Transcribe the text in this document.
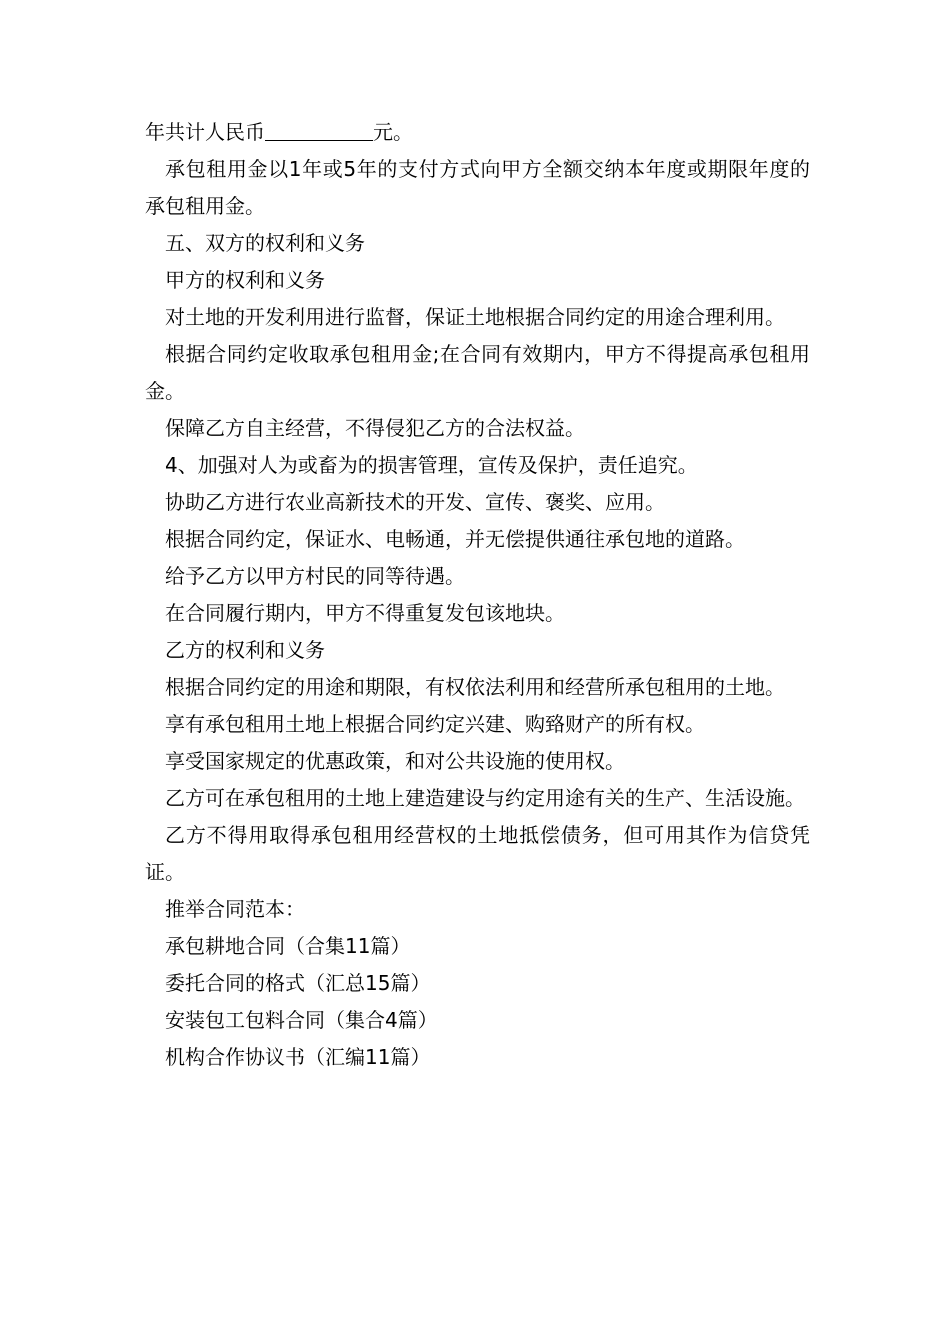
年共计人民币	元。

承包租用金以1年或5年的支付方式向甲方全额交纳本年度或期限年度的承包租用金。

五、双方的权利和义务

甲方的权利和义务

对土地的开发利用进行监督，保证土地根据合同约定的用途合理利用。

根据合同约定收取承包租用金;在合同有效期内，甲方不得提高承包租用金。

保障乙方自主经营，不得侵犯乙方的合法权益。

4、加强对人为或畜为的损害管理，宣传及保护，责任追究。

协助乙方进行农业高新技术的开发、宣传、褒奖、应用。

根据合同约定，保证水、电畅通，并无偿提供通往承包地的道路。

给予乙方以甲方村民的同等待遇。

在合同履行期内，甲方不得重复发包该地块。

乙方的权利和义务

根据合同约定的用途和期限，有权依法利用和经营所承包租用的土地。

享有承包租用土地上根据合同约定兴建、购臵财产的所有权。

享受国家规定的优惠政策，和对公共设施的使用权。

乙方可在承包租用的土地上建造建设与约定用途有关的生产、生活设施。

乙方不得用取得承包租用经营权的土地抵偿债务，但可用其作为信贷凭证。

推举合同范本：

承包耕地合同（合集11篇）

委托合同的格式（汇总15篇）

安装包工包料合同（集合4篇）

机构合作协议书（汇编11篇）
